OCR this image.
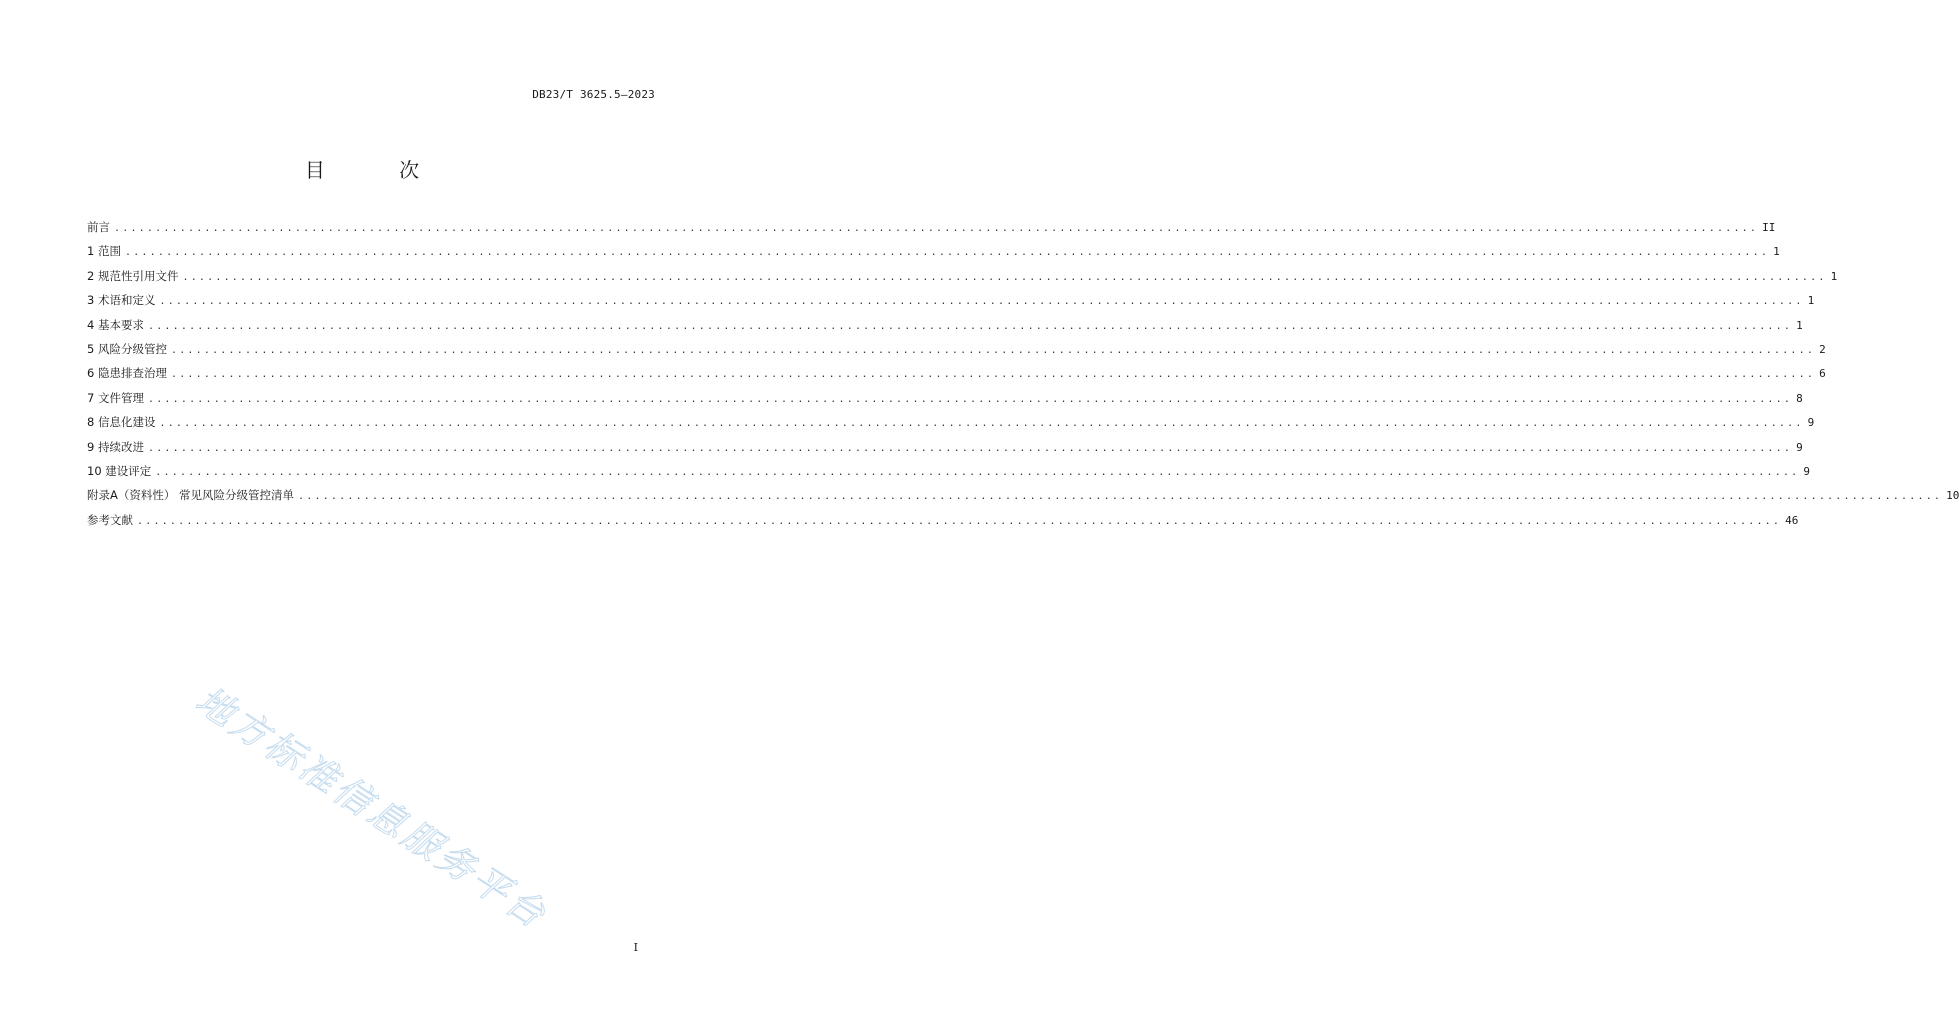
DB23/T 3625.5—2023
目 次
前言 ........................................................................................................................................................................................................ II
1 范围 ........................................................................................................................................................................................................ 1
2 规范性引用文件 ........................................................................................................................................................................................................ 1
3 术语和定义 ........................................................................................................................................................................................................ 1
4 基本要求 ........................................................................................................................................................................................................ 1
5 风险分级管控 ........................................................................................................................................................................................................ 2
6 隐患排查治理 ........................................................................................................................................................................................................ 6
7 文件管理 ........................................................................................................................................................................................................ 8
8 信息化建设 ........................................................................................................................................................................................................ 9
9 持续改进 ........................................................................................................................................................................................................ 9
10 建设评定 ........................................................................................................................................................................................................ 9
附录A（资料性） 常见风险分级管控清单 ........................................................................................................................................................................................................ 10
参考文献 ........................................................................................................................................................................................................ 46
地方标准信息服务平台
I
